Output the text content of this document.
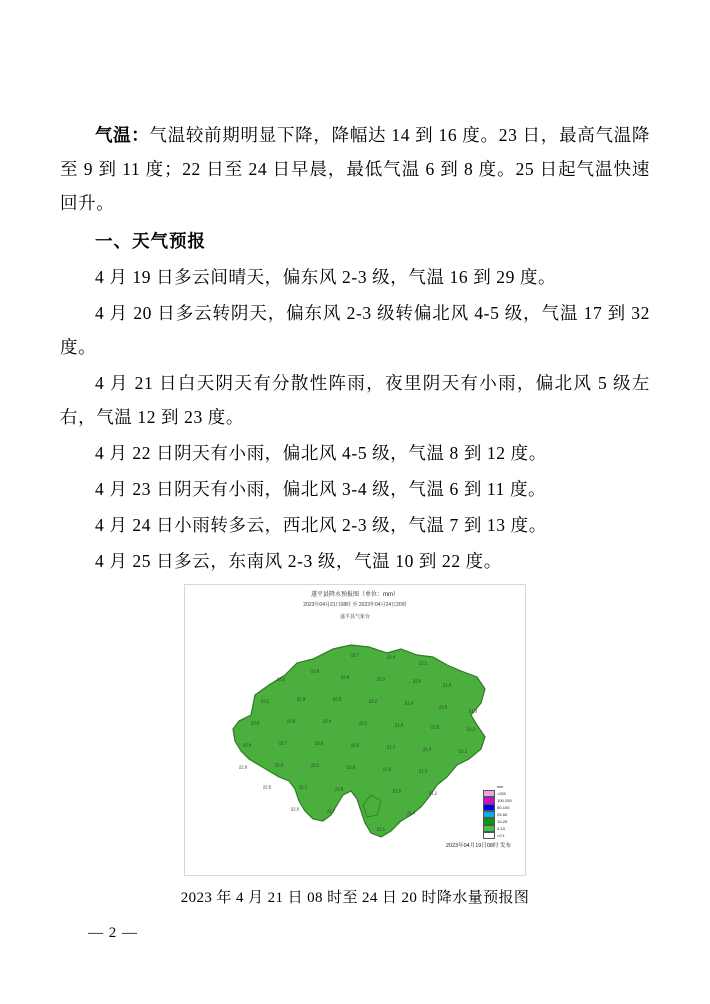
气温：气温较前期明显下降，降幅达 14 到 16 度。23 日，最高气温降至 9 到 11 度；22 日至 24 日早晨，最低气温 6 到 8 度。25 日起气温快速回升。

一、天气预报

4 月 19 日多云间晴天，偏东风 2-3 级，气温 16 到 29 度。

4 月 20 日多云转阴天，偏东风 2-3 级转偏北风 4-5 级，气温 17 到 32 度。

4 月 21 日白天阴天有分散性阵雨，夜里阴天有小雨，偏北风 5 级左右，气温 12 到 23 度。

4 月 22 日阴天有小雨，偏北风 4-5 级，气温 8 到 12 度。

4 月 23 日阴天有小雨，偏北风 3-4 级，气温 6 到 11 度。

4 月 24 日小雨转多云，西北风 2-3 级，气温 7 到 13 度。

4 月 25 日多云，东南风 2-3 级，气温 10 到 22 度。

遂平县降水预报图（单位：mm）
2023年04月21日08时 至 2023年04月24日20时
遂平县气象台
22.7	22.4
22.1
23.0
23.2	22.6	22.3	22.0
21.8
23.1	22.9	22.5	22.2	21.9
21.6
21.3
23.0	22.8	22.4	22.1	21.8	21.5	21.2
22.9	22.7	22.3	22.0	21.7	21.4	21.1
22.8	22.6	22.2	21.9	21.6	21.3
22.5	22.1	21.8	21.5	21.2
22.0	21.7	21.4
21.1
2023年04月19日08时 发布
mm
>250
100-250
50-100
25-50
10-25
0-10
<0.1
2023 年 4 月 21 日 08 时至 24 日 20 时降水量预报图
— 2 —
